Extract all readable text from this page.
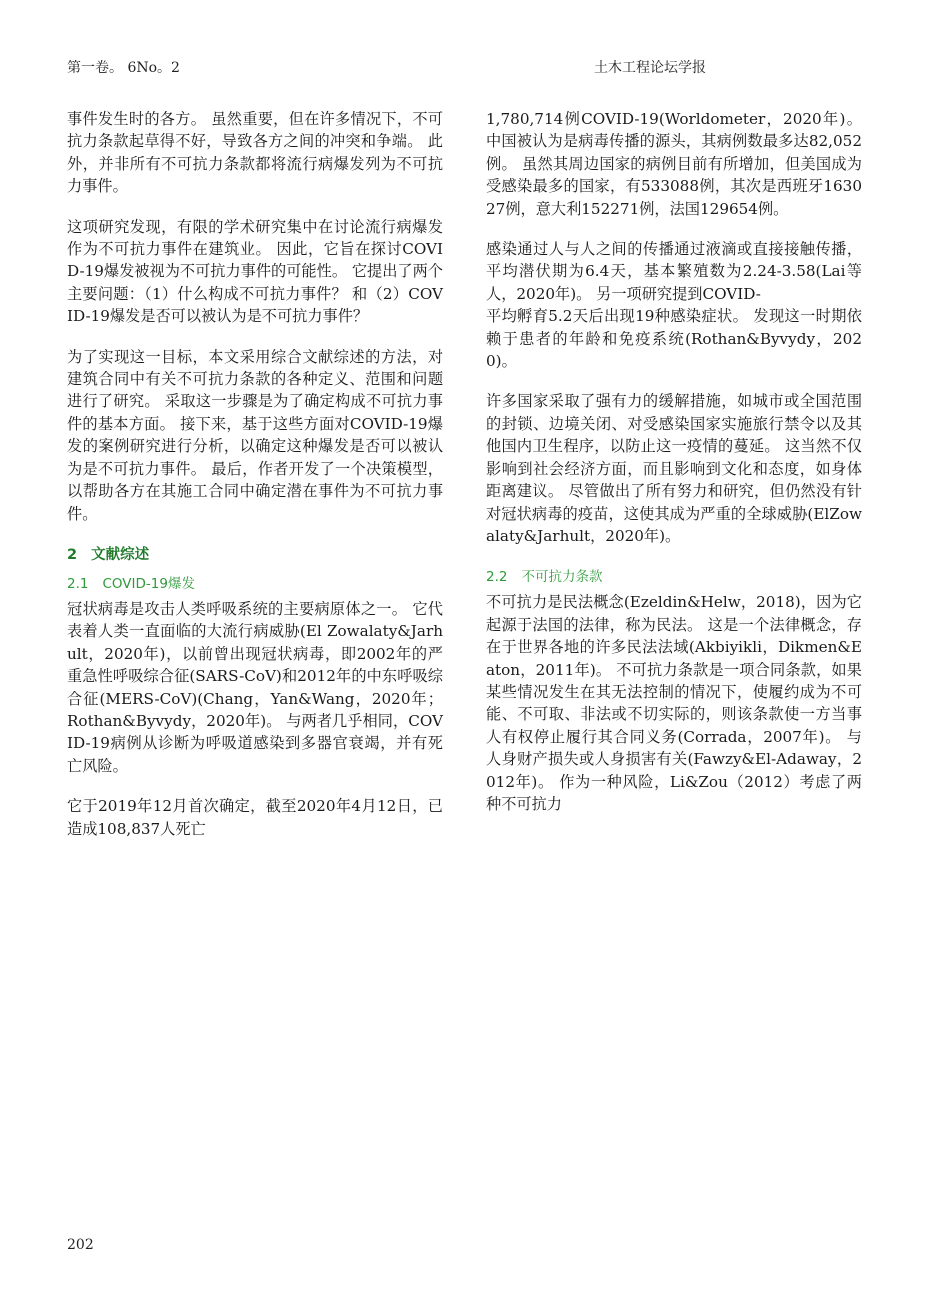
第一卷。 6No。2	土木工程论坛学报

事件发生时的各方。 虽然重要，但在许多情况下，不可抗力条款起草得不好，导致各方之间的冲突和争端。 此外，并非所有不可抗力条款都将流行病爆发列为不可抗力事件。

这项研究发现，有限的学术研究集中在讨论流行病爆发作为不可抗力事件在建筑业。 因此，它旨在探讨COVID-19爆发被视为不可抗力事件的可能性。 它提出了两个主要问题：（1）什么构成不可抗力事件？ 和（2）COVID-19爆发是否可以被认为是不可抗力事件？

为了实现这一目标，本文采用综合文献综述的方法，对建筑合同中有关不可抗力条款的各种定义、范围和问题进行了研究。 采取这一步骤是为了确定构成不可抗力事件的基本方面。 接下来，基于这些方面对COVID-19爆发的案例研究进行分析，以确定这种爆发是否可以被认为是不可抗力事件。 最后，作者开发了一个决策模型，以帮助各方在其施工合同中确定潜在事件为不可抗力事件。

2 文献综述
2.1 COVID-19爆发

冠状病毒是攻击人类呼吸系统的主要病原体之一。 它代表着人类一直面临的大流行病威胁(El Zowalaty&Jarhult，2020年)，以前曾出现冠状病毒，即2002年的严重急性呼吸综合征(SARS-CoV)和2012年的中东呼吸综合征(MERS-CoV)(Chang，Yan&Wang，2020年；Rothan&Byvydy，2020年)。 与两者几乎相同，COVID-19病例从诊断为呼吸道感染到多器官衰竭，并有死亡风险。

它于2019年12月首次确定，截至2020年4月12日，已造成108,837人死亡

1,780,714例COVID-19(Worldometer，2020年)。 中国被认为是病毒传播的源头，其病例数最多达82,052例。 虽然其周边国家的病例目前有所增加，但美国成为受感染最多的国家，有533088例，其次是西班牙163027例，意大利152271例，法国129654例。

感染通过人与人之间的传播通过液滴或直接接触传播，平均潜伏期为6.4天，基本繁殖数为2.24-3.58(Lai等人，2020年)。 另一项研究提到COVID-

平均孵育5.2天后出现19种感染症状。 发现这一时期依赖于患者的年龄和免疫系统(Rothan&Byvydy，2020)。

许多国家采取了强有力的缓解措施，如城市或全国范围的封锁、边境关闭、对受感染国家实施旅行禁令以及其他国内卫生程序，以防止这一疫情的蔓延。 这当然不仅影响到社会经济方面，而且影响到文化和态度，如身体距离建议。 尽管做出了所有努力和研究，但仍然没有针对冠状病毒的疫苗，这使其成为严重的全球威胁(ElZowalaty&Jarhult，2020年)。

2.2 不可抗力条款

不可抗力是民法概念(Ezeldin&Helw，2018)，因为它起源于法国的法律，称为民法。 这是一个法律概念，存在于世界各地的许多民法法域(Akbiyikli，Dikmen&Eaton，2011年)。 不可抗力条款是一项合同条款，如果某些情况发生在其无法控制的情况下，使履约成为不可能、不可取、非法或不切实际的，则该条款使一方当事人有权停止履行其合同义务(Corrada，2007年)。 与人身财产损失或人身损害有关(Fawzy&El-Adaway，2012年)。 作为一种风险，Li&Zou（2012）考虑了两种不可抗力

202
